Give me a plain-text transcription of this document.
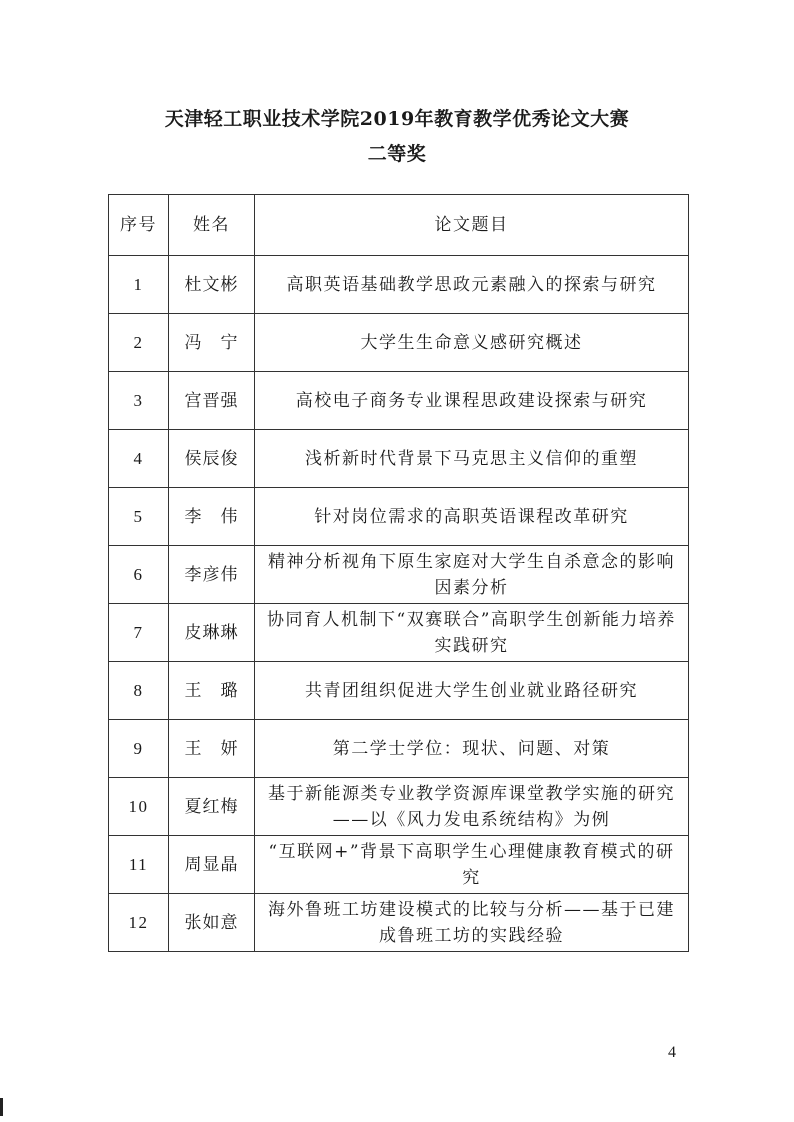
天津轻工职业技术学院2019年教育教学优秀论文大赛
二等奖
序号	姓名	论文题目
1	杜文彬	高职英语基础教学思政元素融入的探索与研究
2	冯　宁	大学生生命意义感研究概述
3	宫晋强	高校电子商务专业课程思政建设探索与研究
4	侯辰俊	浅析新时代背景下马克思主义信仰的重塑
5	李　伟	针对岗位需求的高职英语课程改革研究
6	李彦伟	精神分析视角下原生家庭对大学生自杀意念的影响因素分析
7	皮琳琳	协同育人机制下“双赛联合”高职学生创新能力培养实践研究
8	王　璐	共青团组织促进大学生创业就业路径研究
9	王　妍	第二学士学位：现状、问题、对策
10	夏红梅	基于新能源类专业教学资源库课堂教学实施的研究——以《风力发电系统结构》为例
11	周显晶	“互联网+”背景下高职学生心理健康教育模式的研究
12	张如意	海外鲁班工坊建设模式的比较与分析——基于已建成鲁班工坊的实践经验
4
